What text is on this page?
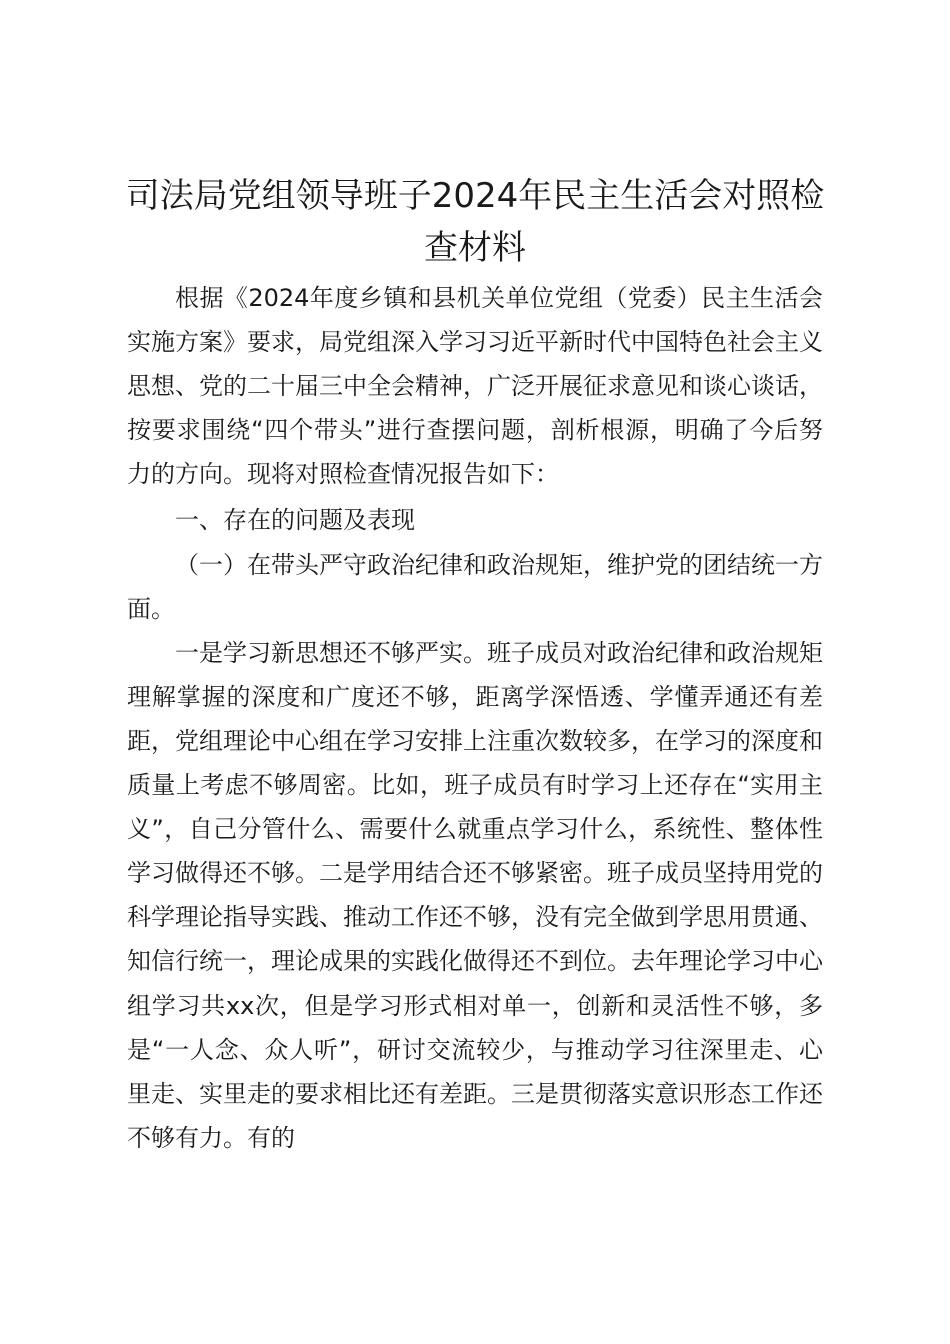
司法局党组领导班子2024年民主生活会对照检查材料

根据《2024年度乡镇和县机关单位党组（党委）民主生活会实施方案》要求，局党组深入学习习近平新时代中国特色社会主义思想、党的二十届三中全会精神，广泛开展征求意见和谈心谈话，按要求围绕“四个带头”进行查摆问题，剖析根源，明确了今后努力的方向。现将对照检查情况报告如下：

一、存在的问题及表现

（一）在带头严守政治纪律和政治规矩，维护党的团结统一方面。

一是学习新思想还不够严实。班子成员对政治纪律和政治规矩理解掌握的深度和广度还不够，距离学深悟透、学懂弄通还有差距，党组理论中心组在学习安排上注重次数较多，在学习的深度和质量上考虑不够周密。比如，班子成员有时学习上还存在“实用主义”，自己分管什么、需要什么就重点学习什么，系统性、整体性学习做得还不够。二是学用结合还不够紧密。班子成员坚持用党的科学理论指导实践、推动工作还不够，没有完全做到学思用贯通、知信行统一，理论成果的实践化做得还不到位。去年理论学习中心组学习共xx次，但是学习形式相对单一，创新和灵活性不够，多是“一人念、众人听”，研讨交流较少，与推动学习往深里走、心里走、实里走的要求相比还有差距。三是贯彻落实意识形态工作还不够有力。有的
